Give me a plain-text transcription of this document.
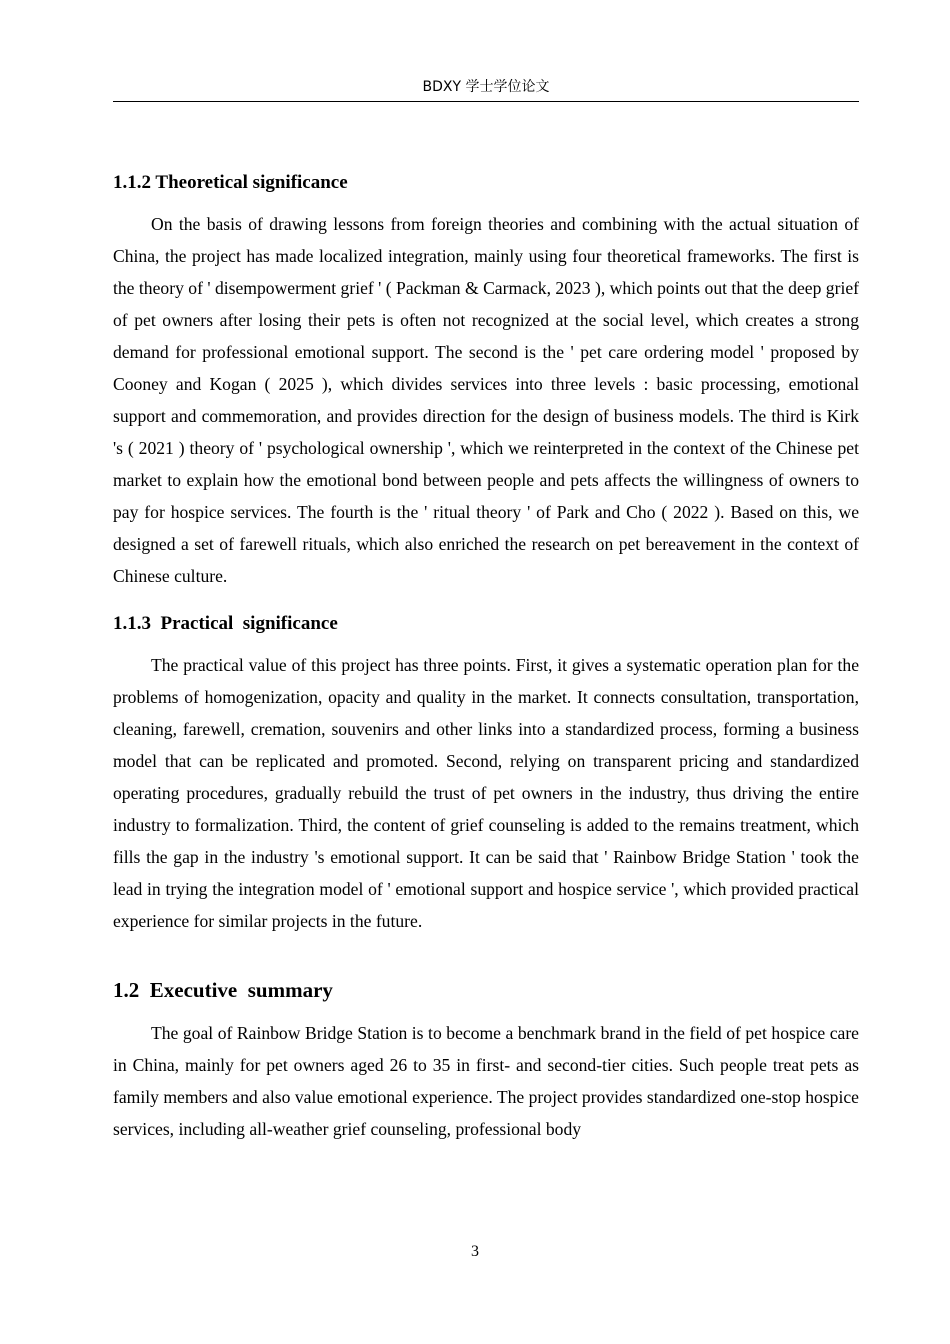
BDXY 学士学位论文
1.1.2 Theoretical significance

On the basis of drawing lessons from foreign theories and combining with the actual situation of China, the project has made localized integration, mainly using four theoretical frameworks. The first is the theory of ' disempowerment grief ' ( Packman & Carmack, 2023 ), which points out that the deep grief of pet owners after losing their pets is often not recognized at the social level, which creates a strong demand for professional emotional support. The second is the ' pet care ordering model ' proposed by Cooney and Kogan ( 2025 ), which divides services into three levels : basic processing, emotional support and commemoration, and provides direction for the design of business models. The third is Kirk 's ( 2021 ) theory of ' psychological ownership ', which we reinterpreted in the context of the Chinese pet market to explain how the emotional bond between people and pets affects the willingness of owners to pay for hospice services. The fourth is the ' ritual theory ' of Park and Cho ( 2022 ). Based on this, we designed a set of farewell rituals, which also enriched the research on pet bereavement in the context of Chinese culture.

1.1.3  Practical  significance

The practical value of this project has three points. First, it gives a systematic operation plan for the problems of homogenization, opacity and quality in the market. It connects consultation, transportation, cleaning, farewell, cremation, souvenirs and other links into a standardized process, forming a business model that can be replicated and promoted. Second, relying on transparent pricing and standardized operating procedures, gradually rebuild the trust of pet owners in the industry, thus driving the entire industry to formalization. Third, the content of grief counseling is added to the remains treatment, which fills the gap in the industry 's emotional support. It can be said that ' Rainbow Bridge Station ' took the lead in trying the integration model of ' emotional support and hospice service ', which provided practical experience for similar projects in the future.

1.2  Executive  summary

The goal of Rainbow Bridge Station is to become a benchmark brand in the field of pet hospice care in China, mainly for pet owners aged 26 to 35 in first- and second-tier cities. Such people treat pets as family members and also value emotional experience. The project provides standardized one-stop hospice services, including all-weather grief counseling, professional body

3
